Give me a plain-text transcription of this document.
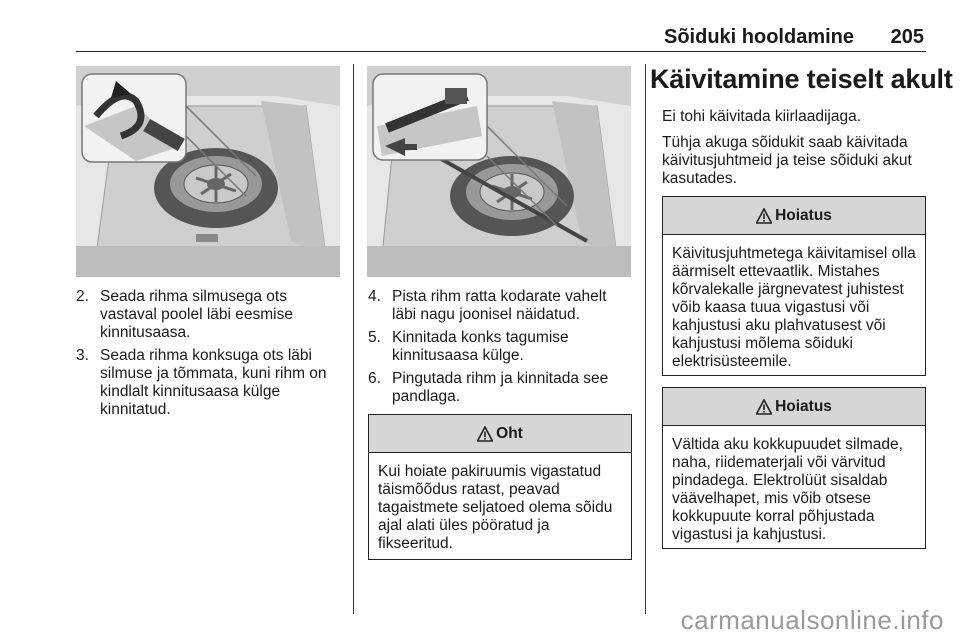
Sõiduki hooldamine 205
2. Seada rihma silmusega ots vastaval poolel läbi eesmise kinnitusaasa.
3. Seada rihma konksuga ots läbi silmuse ja tõmmata, kuni rihm on kindlalt kinnitusaasa külge kinnitatud.
4. Pista rihm ratta kodarate vahelt läbi nagu joonisel näidatud.
5. Kinnitada konks tagumise kinnitusaasa külge.
6. Pingutada rihm ja kinnitada see pandlaga.
Oht
Kui hoiate pakiruumis vigastatud täismõõdus ratast, peavad tagaistmete seljatoed olema sõidu ajal alati üles pööratud ja fikseeritud.
Käivitamine teiselt akult

Ei tohi käivitada kiirlaadijaga.

Tühja akuga sõidukit saab käivitada käivitusjuhtmeid ja teise sõiduki akut kasutades.

Hoiatus
Käivitusjuhtmetega käivitamisel olla äärmiselt ettevaatlik. Mistahes kõrvalekalle järgnevatest juhistest võib kaasa tuua vigastusi või kahjustusi aku plahvatusest või kahjustusi mõlema sõiduki elektrisüsteemile.
Hoiatus
Vältida aku kokkupuudet silmade, naha, riidematerjali või värvitud pindadega. Elektrolüüt sisaldab väävelhapet, mis võib otsese kokkupuute korral põhjustada vigastusi ja kahjustusi.
carmanualsonline.info
